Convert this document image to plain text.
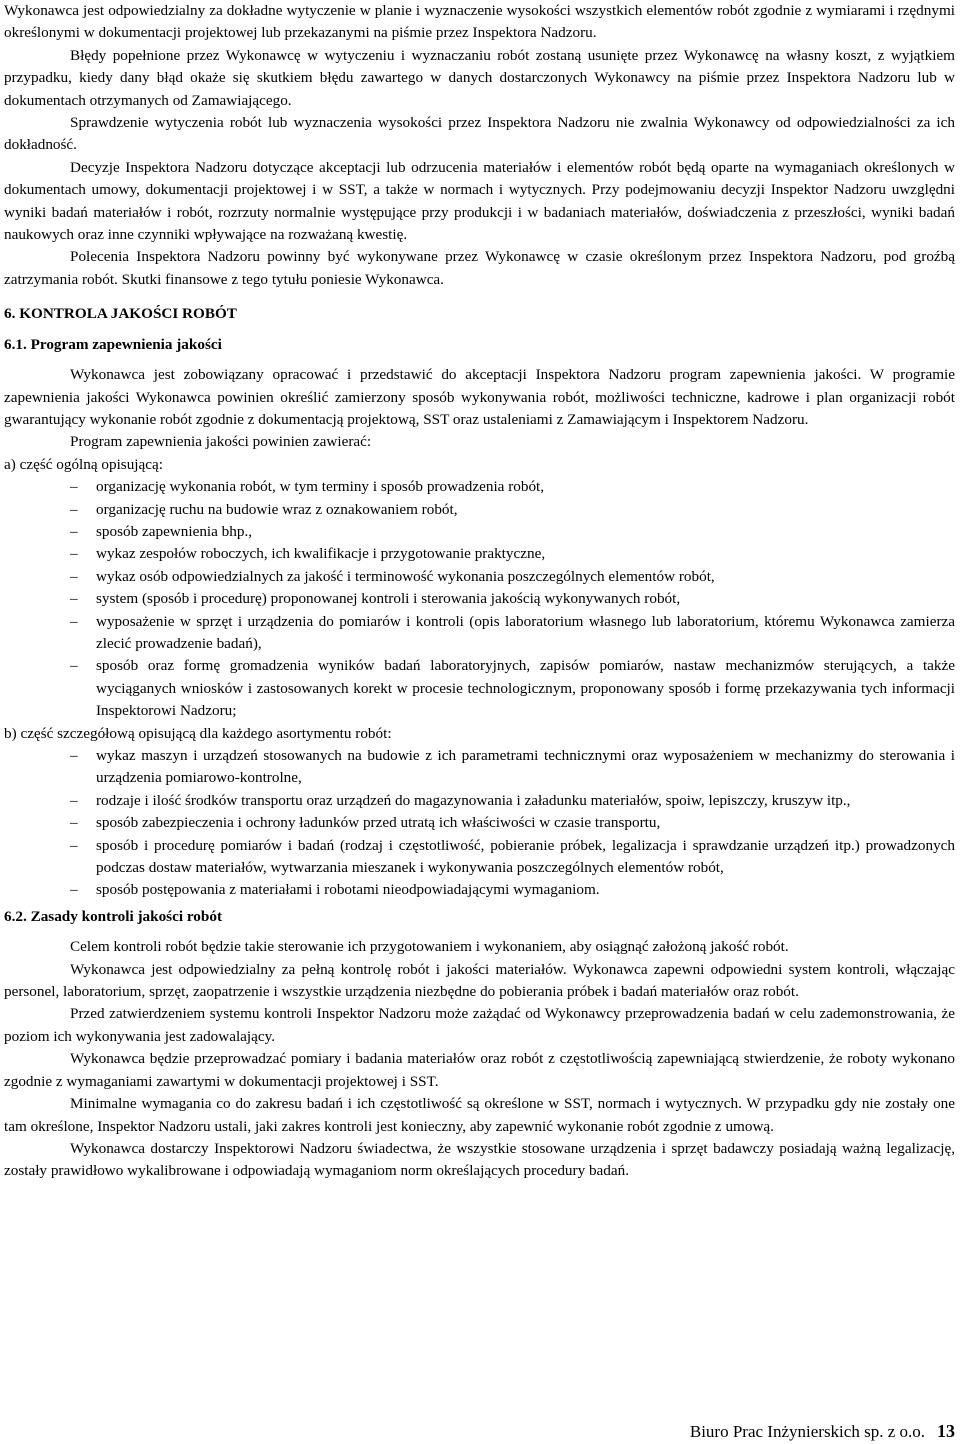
Wykonawca jest odpowiedzialny za dokładne wytyczenie w planie i wyznaczenie wysokości wszystkich elementów robót zgodnie z wymiarami i rzędnymi określonymi w dokumentacji projektowej lub przekazanymi na piśmie przez Inspektora Nadzoru.

Błędy popełnione przez Wykonawcę w wytyczeniu i wyznaczaniu robót zostaną usunięte przez Wykonawcę na własny koszt, z wyjątkiem przypadku, kiedy dany błąd okaże się skutkiem błędu zawartego w danych dostarczonych Wykonawcy na piśmie przez Inspektora Nadzoru lub w dokumentach otrzymanych od Zamawiającego.

Sprawdzenie wytyczenia robót lub wyznaczenia wysokości przez Inspektora Nadzoru nie zwalnia Wykonawcy od odpowiedzialności za ich dokładność.

Decyzje Inspektora Nadzoru dotyczące akceptacji lub odrzucenia materiałów i elementów robót będą oparte na wymaganiach określonych w dokumentach umowy, dokumentacji projektowej i w SST, a także w normach i wytycznych. Przy podejmowaniu decyzji Inspektor Nadzoru uwzględni wyniki badań materiałów i robót, rozrzuty normalnie występujące przy produkcji i w badaniach materiałów, doświadczenia z przeszłości, wyniki badań naukowych oraz inne czynniki wpływające na rozważaną kwestię.

Polecenia Inspektora Nadzoru powinny być wykonywane przez Wykonawcę w czasie określonym przez Inspektora Nadzoru, pod groźbą zatrzymania robót. Skutki finansowe z tego tytułu poniesie Wykonawca.

6. KONTROLA JAKOŚCI ROBÓT

6.1. Program zapewnienia jakości

Wykonawca jest zobowiązany opracować i przedstawić do akceptacji Inspektora Nadzoru program zapewnienia jakości. W programie zapewnienia jakości Wykonawca powinien określić zamierzony sposób wykonywania robót, możliwości techniczne, kadrowe i plan organizacji robót gwarantujący wykonanie robót zgodnie z dokumentacją projektową, SST oraz ustaleniami z Zamawiającym i Inspektorem Nadzoru.

Program zapewnienia jakości powinien zawierać:

a) część ogólną opisującą:

– organizację wykonania robót, w tym terminy i sposób prowadzenia robót,
– organizację ruchu na budowie wraz z oznakowaniem robót,
– sposób zapewnienia bhp.,
– wykaz zespołów roboczych, ich kwalifikacje i przygotowanie praktyczne,
– wykaz osób odpowiedzialnych za jakość i terminowość wykonania poszczególnych elementów robót,
– system (sposób i procedurę) proponowanej kontroli i sterowania jakością wykonywanych robót,
– wyposażenie w sprzęt i urządzenia do pomiarów i kontroli (opis laboratorium własnego lub laboratorium, któremu Wykonawca zamierza zlecić prowadzenie badań),
– sposób oraz formę gromadzenia wyników badań laboratoryjnych, zapisów pomiarów, nastaw mechanizmów sterujących, a także wyciąganych wniosków i zastosowanych korekt w procesie technologicznym, proponowany sposób i formę przekazywania tych informacji Inspektorowi Nadzoru;

b) część szczegółową opisującą dla każdego asortymentu robót:

– wykaz maszyn i urządzeń stosowanych na budowie z ich parametrami technicznymi oraz wyposażeniem w mechanizmy do sterowania i urządzenia pomiarowo-kontrolne,
– rodzaje i ilość środków transportu oraz urządzeń do magazynowania i załadunku materiałów, spoiw, lepiszczy, kruszyw itp.,
– sposób zabezpieczenia i ochrony ładunków przed utratą ich właściwości w czasie transportu,
– sposób i procedurę pomiarów i badań (rodzaj i częstotliwość, pobieranie próbek, legalizacja i sprawdzanie urządzeń itp.) prowadzonych podczas dostaw materiałów, wytwarzania mieszanek i wykonywania poszczególnych elementów robót,
– sposób postępowania z materiałami i robotami nieodpowiadającymi wymaganiom.

6.2. Zasady kontroli jakości robót

Celem kontroli robót będzie takie sterowanie ich przygotowaniem i wykonaniem, aby osiągnąć założoną jakość robót.

Wykonawca jest odpowiedzialny za pełną kontrolę robót i jakości materiałów. Wykonawca zapewni odpowiedni system kontroli, włączając personel, laboratorium, sprzęt, zaopatrzenie i wszystkie urządzenia niezbędne do pobierania próbek i badań materiałów oraz robót.

Przed zatwierdzeniem systemu kontroli Inspektor Nadzoru może zażądać od Wykonawcy przeprowadzenia badań w celu zademonstrowania, że poziom ich wykonywania jest zadowalający.

Wykonawca będzie przeprowadzać pomiary i badania materiałów oraz robót z częstotliwością zapewniającą stwierdzenie, że roboty wykonano zgodnie z wymaganiami zawartymi w dokumentacji projektowej i SST.

Minimalne wymagania co do zakresu badań i ich częstotliwość są określone w SST, normach i wytycznych. W przypadku gdy nie zostały one tam określone, Inspektor Nadzoru ustali, jaki zakres kontroli jest konieczny, aby zapewnić wykonanie robót zgodnie z umową.

Wykonawca dostarczy Inspektorowi Nadzoru świadectwa, że wszystkie stosowane urządzenia i sprzęt badawczy posiadają ważną legalizację, zostały prawidłowo wykalibrowane i odpowiadają wymaganiom norm określających procedury badań.

Biuro Prac Inżynierskich sp. z o.o. 13
